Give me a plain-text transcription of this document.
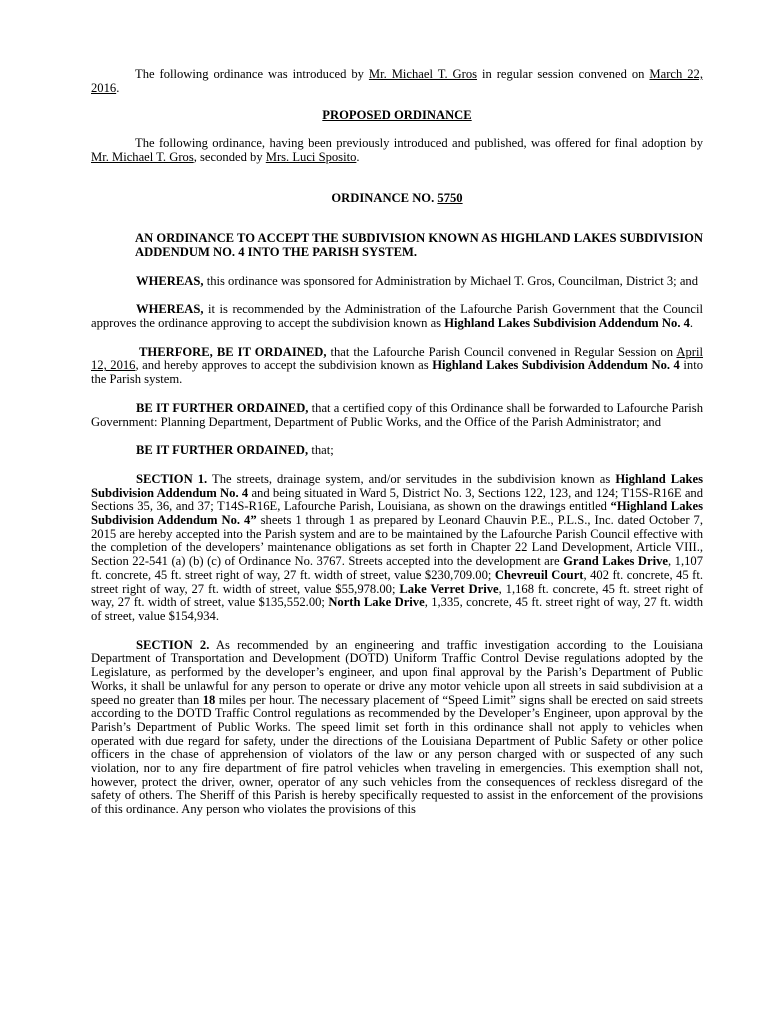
The following ordinance was introduced by Mr. Michael T. Gros in regular session convened on March 22, 2016.

PROPOSED ORDINANCE

The following ordinance, having been previously introduced and published, was offered for final adoption by Mr. Michael T. Gros, seconded by Mrs. Luci Sposito.

ORDINANCE NO. 5750

AN ORDINANCE TO ACCEPT THE SUBDIVISION KNOWN AS HIGHLAND LAKES SUBDIVISION ADDENDUM NO. 4 INTO THE PARISH SYSTEM.

WHEREAS, this ordinance was sponsored for Administration by Michael T. Gros, Councilman, District 3; and

WHEREAS, it is recommended by the Administration of the Lafourche Parish Government that the Council approves the ordinance approving to accept the subdivision known as Highland Lakes Subdivision Addendum No. 4.

THERFORE, BE IT ORDAINED, that the Lafourche Parish Council convened in Regular Session on April 12, 2016, and hereby approves to accept the subdivision known as Highland Lakes Subdivision Addendum No. 4 into the Parish system.

BE IT FURTHER ORDAINED, that a certified copy of this Ordinance shall be forwarded to Lafourche Parish Government: Planning Department, Department of Public Works, and the Office of the Parish Administrator; and

BE IT FURTHER ORDAINED, that;

SECTION 1. The streets, drainage system, and/or servitudes in the subdivision known as Highland Lakes Subdivision Addendum No. 4 and being situated in Ward 5, District No. 3, Sections 122, 123, and 124; T15S-R16E and Sections 35, 36, and 37; T14S-R16E, Lafourche Parish, Louisiana, as shown on the drawings entitled “Highland Lakes Subdivision Addendum No. 4” sheets 1 through 1 as prepared by Leonard Chauvin P.E., P.L.S., Inc. dated October 7, 2015 are hereby accepted into the Parish system and are to be maintained by the Lafourche Parish Council effective with the completion of the developers’ maintenance obligations as set forth in Chapter 22 Land Development, Article VIII., Section 22-541 (a) (b) (c) of Ordinance No. 3767. Streets accepted into the development are Grand Lakes Drive, 1,107 ft. concrete, 45 ft. street right of way, 27 ft. width of street, value $230,709.00; Chevreuil Court, 402 ft. concrete, 45 ft. street right of way, 27 ft. width of street, value $55,978.00; Lake Verret Drive, 1,168 ft. concrete, 45 ft. street right of way, 27 ft. width of street, value $135,552.00; North Lake Drive, 1,335, concrete, 45 ft. street right of way, 27 ft. width of street, value $154,934.

SECTION 2. As recommended by an engineering and traffic investigation according to the Louisiana Department of Transportation and Development (DOTD) Uniform Traffic Control Devise regulations adopted by the Legislature, as performed by the developer’s engineer, and upon final approval by the Parish’s Department of Public Works, it shall be unlawful for any person to operate or drive any motor vehicle upon all streets in said subdivision at a speed no greater than 18 miles per hour. The necessary placement of “Speed Limit” signs shall be erected on said streets according to the DOTD Traffic Control regulations as recommended by the Developer’s Engineer, upon approval by the Parish’s Department of Public Works. The speed limit set forth in this ordinance shall not apply to vehicles when operated with due regard for safety, under the directions of the Louisiana Department of Public Safety or other police officers in the chase of apprehension of violators of the law or any person charged with or suspected of any such violation, nor to any fire department of fire patrol vehicles when traveling in emergencies. This exemption shall not, however, protect the driver, owner, operator of any such vehicles from the consequences of reckless disregard of the safety of others. The Sheriff of this Parish is hereby specifically requested to assist in the enforcement of the provisions of this ordinance. Any person who violates the provisions of this
